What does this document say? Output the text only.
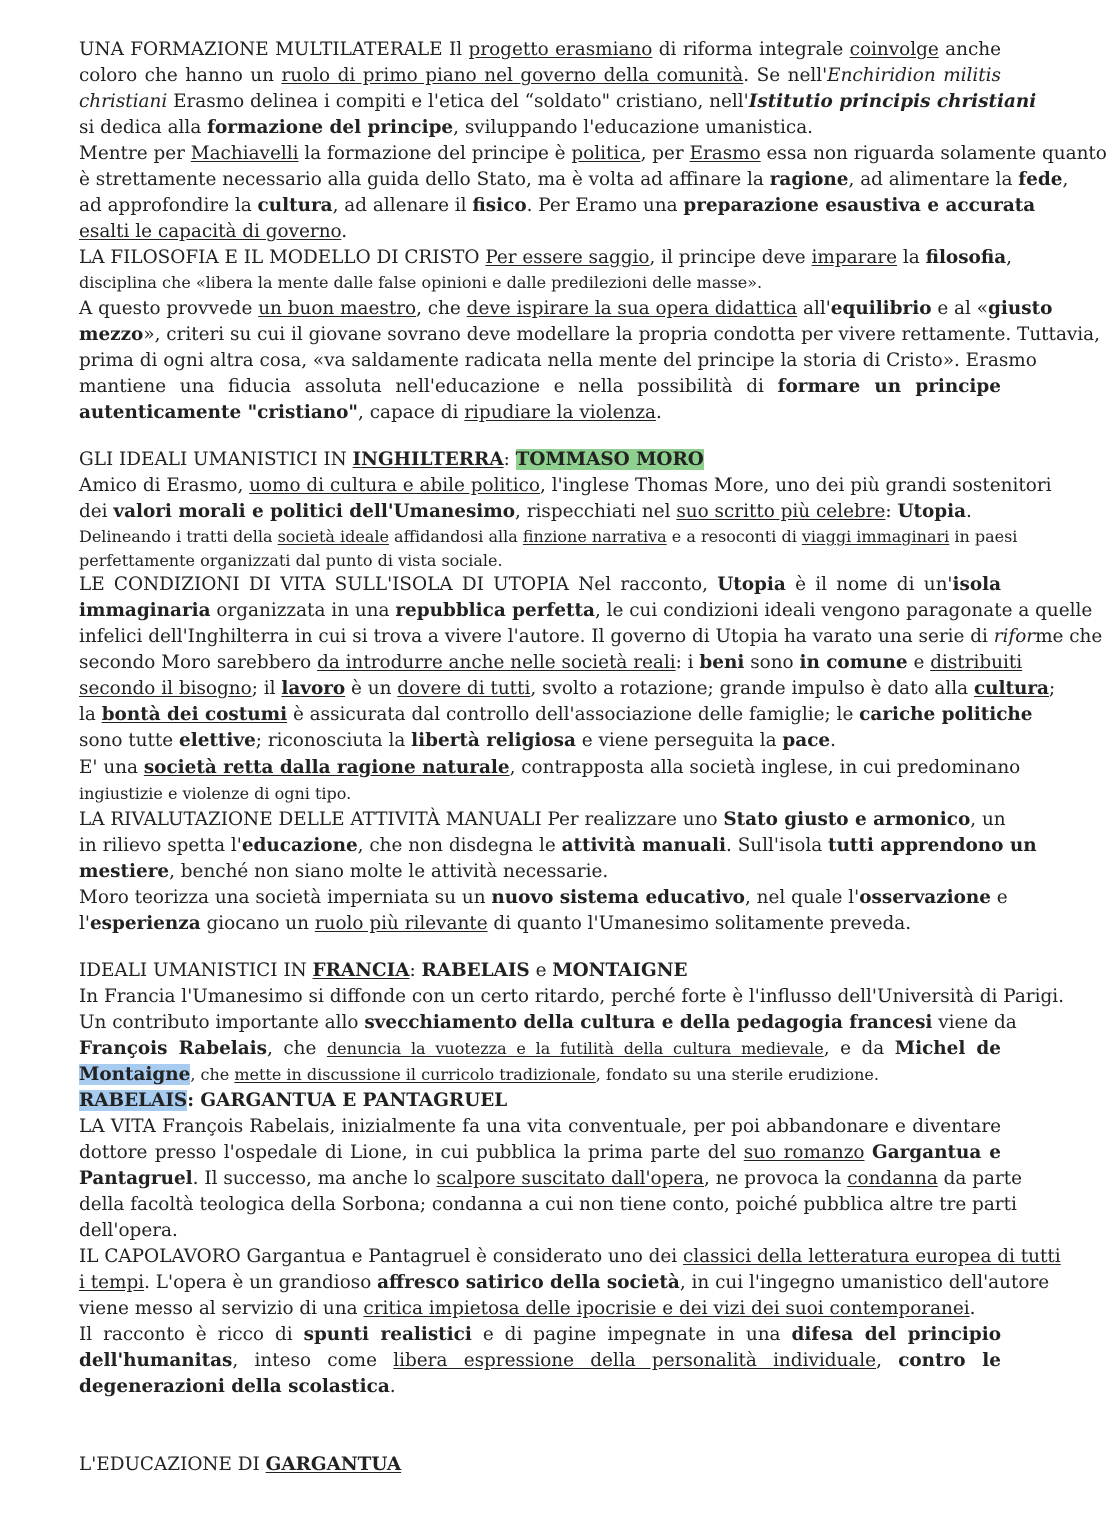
UNA FORMAZIONE MULTILATERALE Il progetto erasmiano di riforma integrale coinvolge anche
coloro che hanno un ruolo di primo piano nel governo della comunità. Se nell'Enchiridion militis
christiani Erasmo delinea i compiti e l'etica del “soldato" cristiano, nell'Istitutio principis christiani
si dedica alla formazione del principe, sviluppando l'educazione umanistica.
Mentre per Machiavelli la formazione del principe è politica, per Erasmo essa non riguarda solamente quanto
è strettamente necessario alla guida dello Stato, ma è volta ad affinare la ragione, ad alimentare la fede,
ad approfondire la cultura, ad allenare il fisico. Per Eramo una preparazione esaustiva e accurata
esalti le capacità di governo.
LA FILOSOFIA E IL MODELLO DI CRISTO Per essere saggio, il principe deve imparare la filosofia,
disciplina che «libera la mente dalle false opinioni e dalle predilezioni delle masse».
A questo provvede un buon maestro, che deve ispirare la sua opera didattica all'equilibrio e al «giusto
mezzo», criteri su cui il giovane sovrano deve modellare la propria condotta per vivere rettamente. Tuttavia,
prima di ogni altra cosa, «va saldamente radicata nella mente del principe la storia di Cristo». Erasmo
mantiene una fiducia assoluta nell'educazione e nella possibilità di formare un principe
autenticamente "cristiano", capace di ripudiare la violenza.
GLI IDEALI UMANISTICI IN INGHILTERRA: TOMMASO MORO
Amico di Erasmo, uomo di cultura e abile politico, l'inglese Thomas More, uno dei più grandi sostenitori
dei valori morali e politici dell'Umanesimo, rispecchiati nel suo scritto più celebre: Utopia.
Delineando i tratti della società ideale affidandosi alla finzione narrativa e a resoconti di viaggi immaginari in paesi
perfettamente organizzati dal punto di vista sociale.
LE CONDIZIONI DI VITA SULL'ISOLA DI UTOPIA Nel racconto, Utopia è il nome di un'isola
immaginaria organizzata in una repubblica perfetta, le cui condizioni ideali vengono paragonate a quelle
infelici dell'Inghilterra in cui si trova a vivere l'autore. Il governo di Utopia ha varato una serie di riforme che
secondo Moro sarebbero da introdurre anche nelle società reali: i beni sono in comune e distribuiti
secondo il bisogno; il lavoro è un dovere di tutti, svolto a rotazione; grande impulso è dato alla cultura;
la bontà dei costumi è assicurata dal controllo dell'associazione delle famiglie; le cariche politiche
sono tutte elettive; riconosciuta la libertà religiosa e viene perseguita la pace.
E' una società retta dalla ragione naturale, contrapposta alla società inglese, in cui predominano
ingiustizie e violenze di ogni tipo.
LA RIVALUTAZIONE DELLE ATTIVITÀ MANUALI Per realizzare uno Stato giusto e armonico, un
in rilievo spetta l'educazione, che non disdegna le attività manuali. Sull'isola tutti apprendono un
mestiere, benché non siano molte le attività necessarie.
Moro teorizza una società imperniata su un nuovo sistema educativo, nel quale l'osservazione e
l'esperienza giocano un ruolo più rilevante di quanto l'Umanesimo solitamente preveda.
IDEALI UMANISTICI IN FRANCIA: RABELAIS e MONTAIGNE
In Francia l'Umanesimo si diffonde con un certo ritardo, perché forte è l'influsso dell'Università di Parigi.
Un contributo importante allo svecchiamento della cultura e della pedagogia francesi viene da
François Rabelais, che denuncia la vuotezza e la futilità della cultura medievale, e da Michel de
Montaigne, che mette in discussione il curricolo tradizionale, fondato su una sterile erudizione.
RABELAIS: GARGANTUA E PANTAGRUEL
LA VITA François Rabelais, inizialmente fa una vita conventuale, per poi abbandonare e diventare
dottore presso l'ospedale di Lione, in cui pubblica la prima parte del suo romanzo Gargantua e
Pantagruel. Il successo, ma anche lo scalpore suscitato dall'opera, ne provoca la condanna da parte
della facoltà teologica della Sorbona; condanna a cui non tiene conto, poiché pubblica altre tre parti
dell'opera.
IL CAPOLAVORO Gargantua e Pantagruel è considerato uno dei classici della letteratura europea di tutti
i tempi. L'opera è un grandioso affresco satirico della società, in cui l'ingegno umanistico dell'autore
viene messo al servizio di una critica impietosa delle ipocrisie e dei vizi dei suoi contemporanei.
Il racconto è ricco di spunti realistici e di pagine impegnate in una difesa del principio
dell'humanitas, inteso come libera espressione della personalità individuale, contro le
degenerazioni della scolastica.
L'EDUCAZIONE DI GARGANTUA
